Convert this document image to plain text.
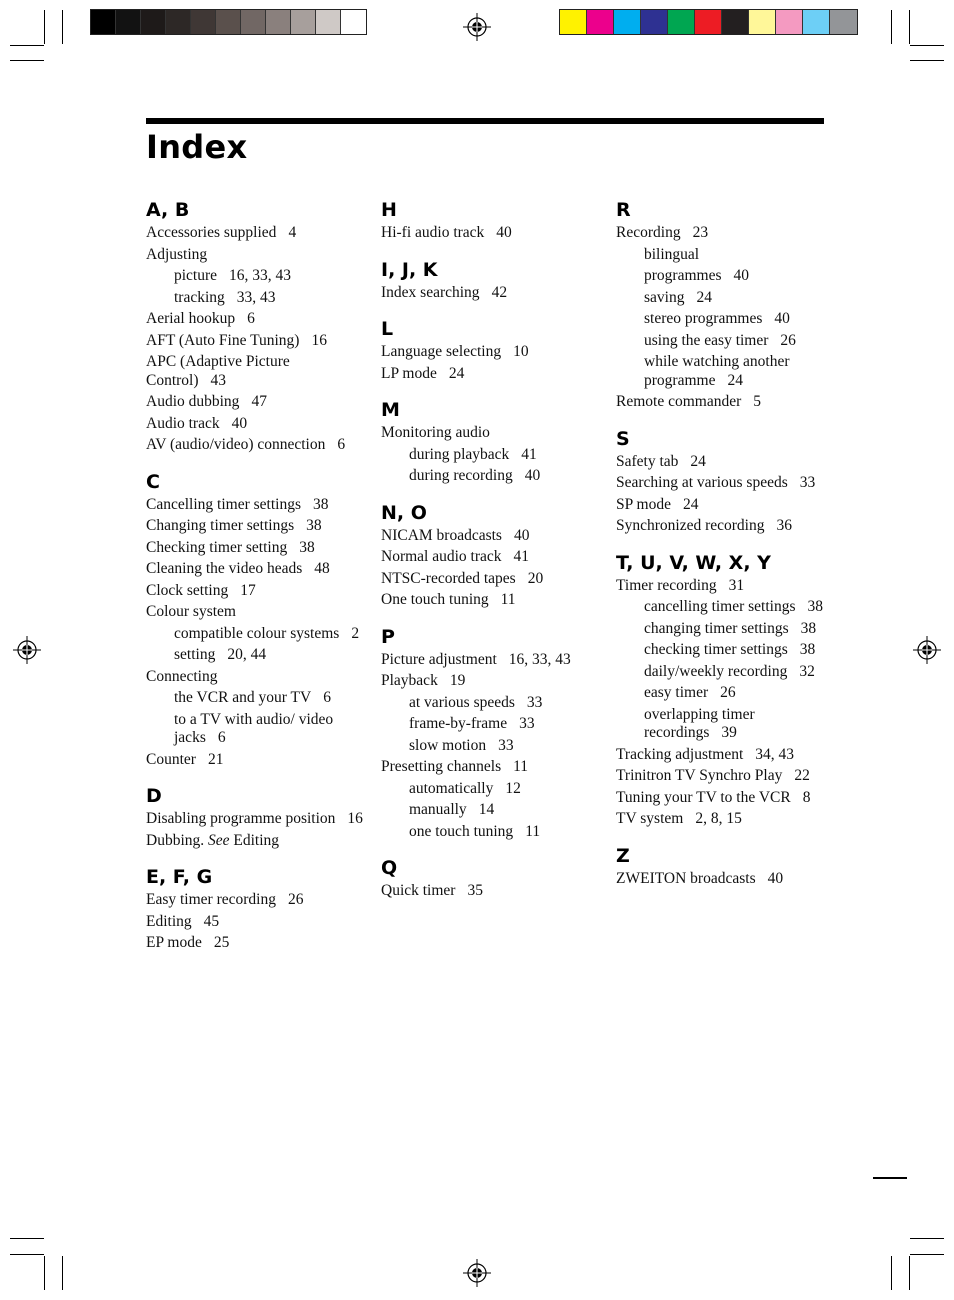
Index
A, B
Accessories supplied 4
Adjusting
picture 16, 33, 43
tracking 33, 43
Aerial hookup 6
AFT (Auto Fine Tuning) 16
APC (Adaptive Picture Control) 43
Audio dubbing 47
Audio track 40
AV (audio/video) connection 6
C
Cancelling timer settings 38
Changing timer settings 38
Checking timer setting 38
Cleaning the video heads 48
Clock setting 17
Colour system
compatible colour systems 2
setting 20, 44
Connecting
the VCR and your TV 6
to a TV with audio/ video jacks 6
Counter 21
D
Disabling programme position 16
Dubbing. See Editing
E, F, G
Easy timer recording 26
Editing 45
EP mode 25
H
Hi-fi audio track 40
I, J, K
Index searching 42
L
Language selecting 10
LP mode 24
M
Monitoring audio
during playback 41
during recording 40
N, O
NICAM broadcasts 40
Normal audio track 41
NTSC-recorded tapes 20
One touch tuning 11
P
Picture adjustment 16, 33, 43
Playback 19
at various speeds 33
frame-by-frame 33
slow motion 33
Presetting channels 11
automatically 12
manually 14
one touch tuning 11
Q
Quick timer 35
R
Recording 23
bilingual
programmes 40
saving 24
stereo programmes 40
using the easy timer 26
while watching another programme 24
Remote commander 5
S
Safety tab 24
Searching at various speeds 33
SP mode 24
Synchronized recording 36
T, U, V, W, X, Y
Timer recording 31
cancelling timer settings 38
changing timer settings 38
checking timer settings 38
daily/weekly recording 32
easy timer 26
overlapping timer recordings 39
Tracking adjustment 34, 43
Trinitron TV Synchro Play 22
Tuning your TV to the VCR 8
TV system 2, 8, 15
Z
ZWEITON broadcasts 40
